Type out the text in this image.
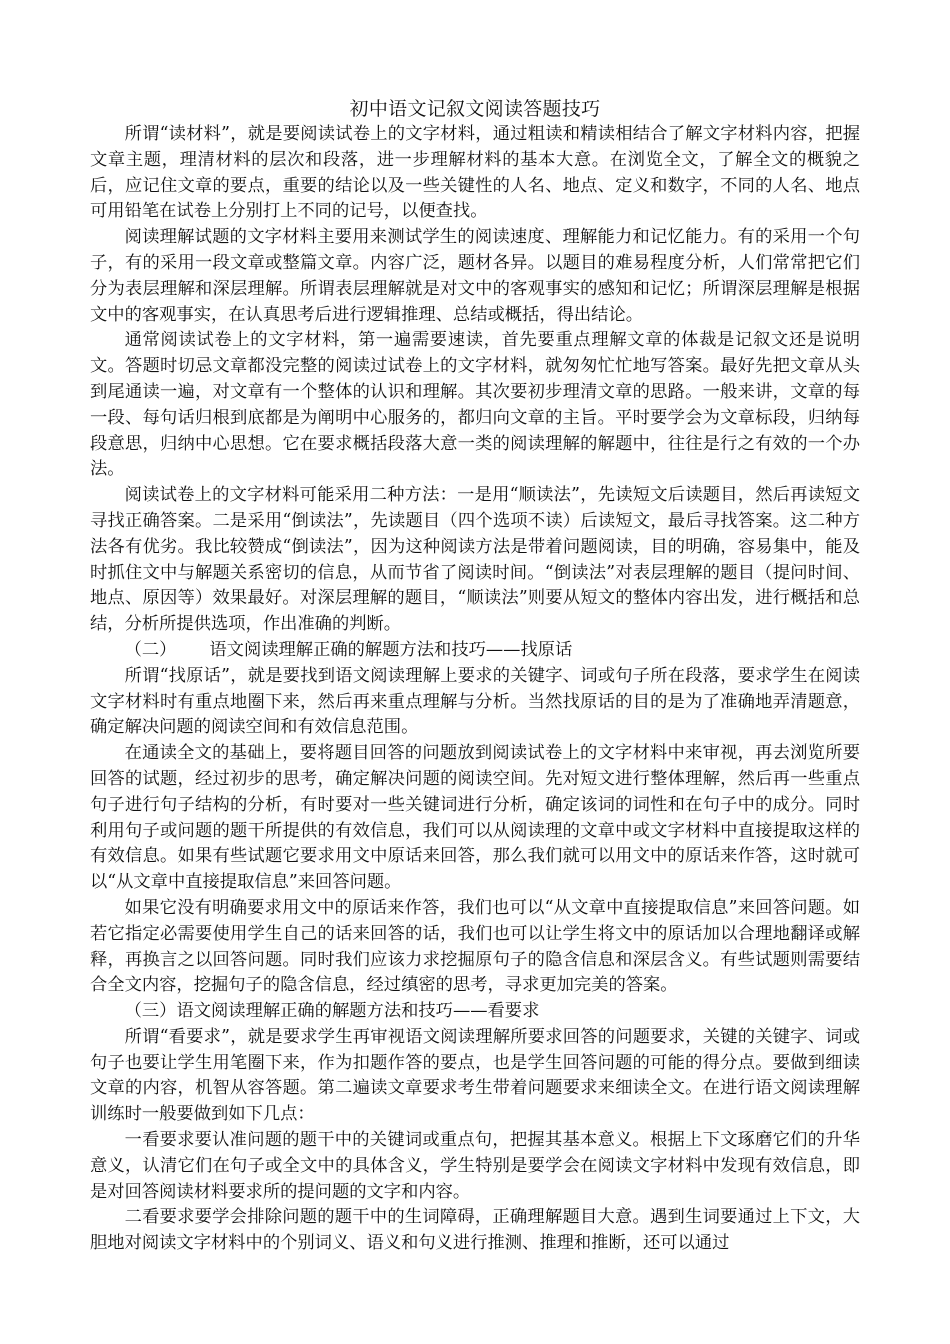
初中语文记叙文阅读答题技巧

所谓“读材料”，就是要阅读试卷上的文字材料，通过粗读和精读相结合了解文字材料内容，把握文章主题，理清材料的层次和段落，进一步理解材料的基本大意。在浏览全文，了解全文的概貌之后，应记住文章的要点，重要的结论以及一些关键性的人名、地点、定义和数字，不同的人名、地点可用铅笔在试卷上分别打上不同的记号，以便查找。

阅读理解试题的文字材料主要用来测试学生的阅读速度、理解能力和记忆能力。有的采用一个句子，有的采用一段文章或整篇文章。内容广泛，题材各异。以题目的难易程度分析，人们常常把它们分为表层理解和深层理解。所谓表层理解就是对文中的客观事实的感知和记忆；所谓深层理解是根据文中的客观事实，在认真思考后进行逻辑推理、总结或概括，得出结论。

通常阅读试卷上的文字材料，第一遍需要速读，首先要重点理解文章的体裁是记叙文还是说明文。答题时切忌文章都没完整的阅读过试卷上的文字材料，就匆匆忙忙地写答案。最好先把文章从头到尾通读一遍，对文章有一个整体的认识和理解。其次要初步理清文章的思路。一般来讲，文章的每一段、每句话归根到底都是为阐明中心服务的，都归向文章的主旨。平时要学会为文章标段，归纳每段意思，归纳中心思想。它在要求概括段落大意一类的阅读理解的解题中，往往是行之有效的一个办法。

阅读试卷上的文字材料可能采用二种方法：一是用“顺读法”，先读短文后读题目，然后再读短文寻找正确答案。二是采用“倒读法”，先读题目（四个选项不读）后读短文，最后寻找答案。这二种方法各有优劣。我比较赞成“倒读法”，因为这种阅读方法是带着问题阅读，目的明确，容易集中，能及时抓住文中与解题关系密切的信息，从而节省了阅读时间。“倒读法”对表层理解的题目（提问时间、地点、原因等）效果最好。对深层理解的题目，“顺读法”则要从短文的整体内容出发，进行概括和总结，分析所提供选项，作出准确的判断。

（二）      语文阅读理解正确的解题方法和技巧——找原话

所谓“找原话”，就是要找到语文阅读理解上要求的关键字、词或句子所在段落，要求学生在阅读文字材料时有重点地圈下来，然后再来重点理解与分析。当然找原话的目的是为了准确地弄清题意，确定解决问题的阅读空间和有效信息范围。

在通读全文的基础上，要将题目回答的问题放到阅读试卷上的文字材料中来审视，再去浏览所要回答的试题，经过初步的思考，确定解决问题的阅读空间。先对短文进行整体理解，然后再一些重点句子进行句子结构的分析，有时要对一些关键词进行分析，确定该词的词性和在句子中的成分。同时利用句子或问题的题干所提供的有效信息，我们可以从阅读理的文章中或文字材料中直接提取这样的有效信息。如果有些试题它要求用文中原话来回答，那么我们就可以用文中的原话来作答，这时就可以“从文章中直接提取信息”来回答问题。

如果它没有明确要求用文中的原话来作答，我们也可以“从文章中直接提取信息”来回答问题。如若它指定必需要使用学生自己的话来回答的话，我们也可以让学生将文中的原话加以合理地翻译或解释，再换言之以回答问题。同时我们应该力求挖掘原句子的隐含信息和深层含义。有些试题则需要结合全文内容，挖掘句子的隐含信息，经过缜密的思考，寻求更加完美的答案。

（三）语文阅读理解正确的解题方法和技巧——看要求

所谓“看要求”，就是要求学生再审视语文阅读理解所要求回答的问题要求，关键的关键字、词或句子也要让学生用笔圈下来，作为扣题作答的要点，也是学生回答问题的可能的得分点。要做到细读文章的内容，机智从容答题。第二遍读文章要求考生带着问题要求来细读全文。在进行语文阅读理解训练时一般要做到如下几点：

一看要求要认准问题的题干中的关键词或重点句，把握其基本意义。根据上下文琢磨它们的升华意义，认清它们在句子或全文中的具体含义，学生特别是要学会在阅读文字材料中发现有效信息，即是对回答阅读材料要求所的提问题的文字和内容。

二看要求要学会排除问题的题干中的生词障碍，正确理解题目大意。遇到生词要通过上下文，大胆地对阅读文字材料中的个别词义、语义和句义进行推测、推理和推断，还可以通过
